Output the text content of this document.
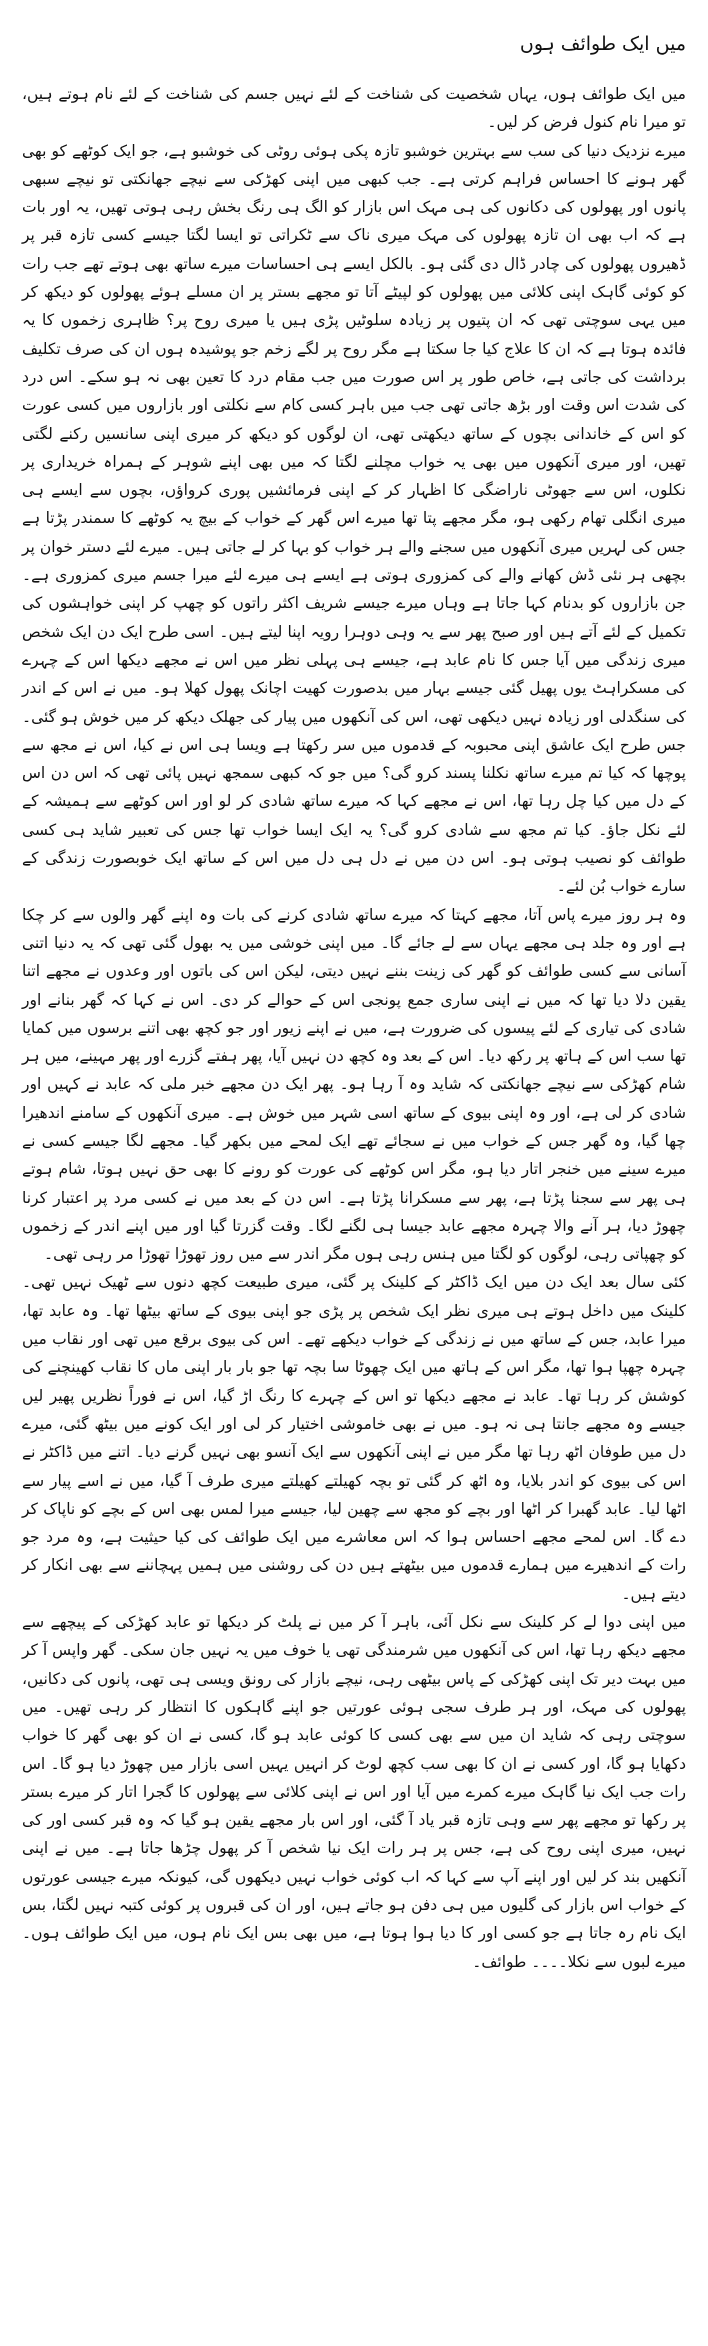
میں ایک طوائف ہوں

میں ایک طوائف ہوں، یہاں شخصیت کی شناخت کے لئے نہیں جسم کی شناخت کے لئے نام ہوتے ہیں، تو میرا نام کنول فرض کر لیں۔

میرے نزدیک دنیا کی سب سے بہترین خوشبو تازہ پکی ہوئی روٹی کی خوشبو ہے، جو ایک کوٹھے کو بھی گھر ہونے کا احساس فراہم کرتی ہے۔ جب کبھی میں اپنی کھڑکی سے نیچے جھانکتی تو نیچے سبھی پانوں اور پھولوں کی دکانوں کی ہی مہک اس بازار کو الگ ہی رنگ بخش رہی ہوتی تھیں، یہ اور بات ہے کہ اب بھی ان تازہ پھولوں کی مہک میری ناک سے ٹکراتی تو ایسا لگتا جیسے کسی تازہ قبر پر ڈھیروں پھولوں کی چادر ڈال دی گئی ہو۔ بالکل ایسے ہی احساسات میرے ساتھ بھی ہوتے تھے جب رات کو کوئی گاہک اپنی کلائی میں پھولوں کو لپیٹے آتا تو مجھے بستر پر ان مسلے ہوئے پھولوں کو دیکھ کر میں یہی سوچتی تھی کہ ان پتیوں پر زیادہ سلوٹیں پڑی ہیں یا میری روح پر؟ ظاہری زخموں کا یہ فائدہ ہوتا ہے کہ ان کا علاج کیا جا سکتا ہے مگر روح پر لگے زخم جو پوشیدہ ہوں ان کی صرف تکلیف برداشت کی جاتی ہے، خاص طور پر اس صورت میں جب مقام درد کا تعین بھی نہ ہو سکے۔ اس درد کی شدت اس وقت اور بڑھ جاتی تھی جب میں باہر کسی کام سے نکلتی اور بازاروں میں کسی عورت کو اس کے خاندانی بچوں کے ساتھ دیکھتی تھی، ان لوگوں کو دیکھ کر میری اپنی سانسیں رکنے لگتی تھیں، اور میری آنکھوں میں بھی یہ خواب مچلنے لگتا کہ میں بھی اپنے شوہر کے ہمراہ خریداری پر نکلوں، اس سے جھوٹی ناراضگی کا اظہار کر کے اپنی فرمائشیں پوری کرواؤں، بچوں سے ایسے ہی میری انگلی تھام رکھی ہو، مگر مجھے پتا تھا میرے اس گھر کے خواب کے بیچ یہ کوٹھے کا سمندر پڑتا ہے جس کی لہریں میری آنکھوں میں سجنے والے ہر خواب کو بہا کر لے جاتی ہیں۔ میرے لئے دستر خوان پر بچھی ہر نئی ڈش کھانے والے کی کمزوری ہوتی ہے ایسے ہی میرے لئے میرا جسم میری کمزوری ہے۔ جن بازاروں کو بدنام کہا جاتا ہے وہاں میرے جیسے شریف اکثر راتوں کو چھپ کر اپنی خواہشوں کی تکمیل کے لئے آتے ہیں اور صبح پھر سے یہ وہی دوہرا رویہ اپنا لیتے ہیں۔ اسی طرح ایک دن ایک شخص میری زندگی میں آیا جس کا نام عابد ہے، جیسے ہی پہلی نظر میں اس نے مجھے دیکھا اس کے چہرے کی مسکراہٹ یوں پھیل گئی جیسے بہار میں بدصورت کھیت اچانک پھول کھلا ہو۔ میں نے اس کے اندر کی سنگدلی اور زیادہ نہیں دیکھی تھی، اس کی آنکھوں میں پیار کی جھلک دیکھ کر میں خوش ہو گئی۔ جس طرح ایک عاشق اپنی محبوبہ کے قدموں میں سر رکھتا ہے ویسا ہی اس نے کیا، اس نے مجھ سے پوچھا کہ کیا تم میرے ساتھ نکلنا پسند کرو گی؟ میں جو کہ کبھی سمجھ نہیں پائی تھی کہ اس دن اس کے دل میں کیا چل رہا تھا، اس نے مجھے کہا کہ میرے ساتھ شادی کر لو اور اس کوٹھے سے ہمیشہ کے لئے نکل جاؤ۔ کیا تم مجھ سے شادی کرو گی؟ یہ ایک ایسا خواب تھا جس کی تعبیر شاید ہی کسی طوائف کو نصیب ہوتی ہو۔ اس دن میں نے دل ہی دل میں اس کے ساتھ ایک خوبصورت زندگی کے سارے خواب بُن لئے۔

وہ ہر روز میرے پاس آتا، مجھے کہتا کہ میرے ساتھ شادی کرنے کی بات وہ اپنے گھر والوں سے کر چکا ہے اور وہ جلد ہی مجھے یہاں سے لے جائے گا۔ میں اپنی خوشی میں یہ بھول گئی تھی کہ یہ دنیا اتنی آسانی سے کسی طوائف کو گھر کی زینت بننے نہیں دیتی، لیکن اس کی باتوں اور وعدوں نے مجھے اتنا یقین دلا دیا تھا کہ میں نے اپنی ساری جمع پونجی اس کے حوالے کر دی۔ اس نے کہا کہ گھر بنانے اور شادی کی تیاری کے لئے پیسوں کی ضرورت ہے، میں نے اپنے زیور اور جو کچھ بھی اتنے برسوں میں کمایا تھا سب اس کے ہاتھ پر رکھ دیا۔ اس کے بعد وہ کچھ دن نہیں آیا، پھر ہفتے گزرے اور پھر مہینے، میں ہر شام کھڑکی سے نیچے جھانکتی کہ شاید وہ آ رہا ہو۔ پھر ایک دن مجھے خبر ملی کہ عابد نے کہیں اور شادی کر لی ہے، اور وہ اپنی بیوی کے ساتھ اسی شہر میں خوش ہے۔ میری آنکھوں کے سامنے اندھیرا چھا گیا، وہ گھر جس کے خواب میں نے سجائے تھے ایک لمحے میں بکھر گیا۔ مجھے لگا جیسے کسی نے میرے سینے میں خنجر اتار دیا ہو، مگر اس کوٹھے کی عورت کو رونے کا بھی حق نہیں ہوتا، شام ہوتے ہی پھر سے سجنا پڑتا ہے، پھر سے مسکرانا پڑتا ہے۔ اس دن کے بعد میں نے کسی مرد پر اعتبار کرنا چھوڑ دیا، ہر آنے والا چہرہ مجھے عابد جیسا ہی لگنے لگا۔ وقت گزرتا گیا اور میں اپنے اندر کے زخموں کو چھپاتی رہی، لوگوں کو لگتا میں ہنس رہی ہوں مگر اندر سے میں روز تھوڑا تھوڑا مر رہی تھی۔

کئی سال بعد ایک دن میں ایک ڈاکٹر کے کلینک پر گئی، میری طبیعت کچھ دنوں سے ٹھیک نہیں تھی۔ کلینک میں داخل ہوتے ہی میری نظر ایک شخص پر پڑی جو اپنی بیوی کے ساتھ بیٹھا تھا۔ وہ عابد تھا، میرا عابد، جس کے ساتھ میں نے زندگی کے خواب دیکھے تھے۔ اس کی بیوی برقع میں تھی اور نقاب میں چہرہ چھپا ہوا تھا، مگر اس کے ہاتھ میں ایک چھوٹا سا بچہ تھا جو بار بار اپنی ماں کا نقاب کھینچنے کی کوشش کر رہا تھا۔ عابد نے مجھے دیکھا تو اس کے چہرے کا رنگ اڑ گیا، اس نے فوراً نظریں پھیر لیں جیسے وہ مجھے جانتا ہی نہ ہو۔ میں نے بھی خاموشی اختیار کر لی اور ایک کونے میں بیٹھ گئی، میرے دل میں طوفان اٹھ رہا تھا مگر میں نے اپنی آنکھوں سے ایک آنسو بھی نہیں گرنے دیا۔ اتنے میں ڈاکٹر نے اس کی بیوی کو اندر بلایا، وہ اٹھ کر گئی تو بچہ کھیلتے کھیلتے میری طرف آ گیا، میں نے اسے پیار سے اٹھا لیا۔ عابد گھبرا کر اٹھا اور بچے کو مجھ سے چھین لیا، جیسے میرا لمس بھی اس کے بچے کو ناپاک کر دے گا۔ اس لمحے مجھے احساس ہوا کہ اس معاشرے میں ایک طوائف کی کیا حیثیت ہے، وہ مرد جو رات کے اندھیرے میں ہمارے قدموں میں بیٹھتے ہیں دن کی روشنی میں ہمیں پہچاننے سے بھی انکار کر دیتے ہیں۔

میں اپنی دوا لے کر کلینک سے نکل آئی، باہر آ کر میں نے پلٹ کر دیکھا تو عابد کھڑکی کے پیچھے سے مجھے دیکھ رہا تھا، اس کی آنکھوں میں شرمندگی تھی یا خوف میں یہ نہیں جان سکی۔ گھر واپس آ کر میں بہت دیر تک اپنی کھڑکی کے پاس بیٹھی رہی، نیچے بازار کی رونق ویسی ہی تھی، پانوں کی دکانیں، پھولوں کی مہک، اور ہر طرف سجی ہوئی عورتیں جو اپنے گاہکوں کا انتظار کر رہی تھیں۔ میں سوچتی رہی کہ شاید ان میں سے بھی کسی کا کوئی عابد ہو گا، کسی نے ان کو بھی گھر کا خواب دکھایا ہو گا، اور کسی نے ان کا بھی سب کچھ لوٹ کر انہیں یہیں اسی بازار میں چھوڑ دیا ہو گا۔ اس رات جب ایک نیا گاہک میرے کمرے میں آیا اور اس نے اپنی کلائی سے پھولوں کا گجرا اتار کر میرے بستر پر رکھا تو مجھے پھر سے وہی تازہ قبر یاد آ گئی، اور اس بار مجھے یقین ہو گیا کہ وہ قبر کسی اور کی نہیں، میری اپنی روح کی ہے، جس پر ہر رات ایک نیا شخص آ کر پھول چڑھا جاتا ہے۔ میں نے اپنی آنکھیں بند کر لیں اور اپنے آپ سے کہا کہ اب کوئی خواب نہیں دیکھوں گی، کیونکہ میرے جیسی عورتوں کے خواب اس بازار کی گلیوں میں ہی دفن ہو جاتے ہیں، اور ان کی قبروں پر کوئی کتبہ نہیں لگتا، بس ایک نام رہ جاتا ہے جو کسی اور کا دیا ہوا ہوتا ہے، میں بھی بس ایک نام ہوں، میں ایک طوائف ہوں۔ میرے لبوں سے نکلا۔۔۔۔ طوائف۔
